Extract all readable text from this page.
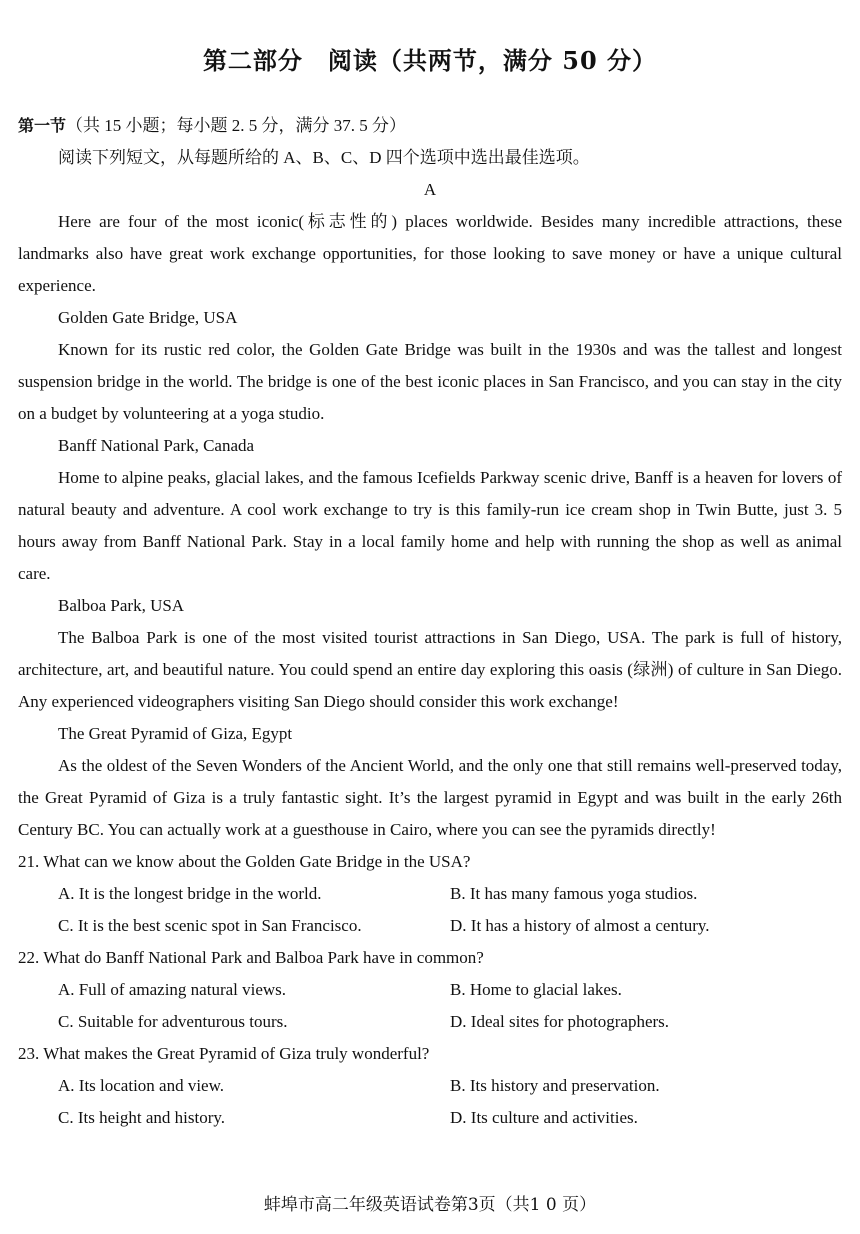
第二部分　阅读（共两节，满分 50 分）

第一节（共 15 小题；每小题 2. 5 分，满分 37. 5 分）

阅读下列短文，从每题所给的 A、B、C、D 四个选项中选出最佳选项。

A

Here are four of the most iconic(标志性的) places worldwide. Besides many incredible attractions, these landmarks also have great work exchange opportunities, for those looking to save money or have a unique cultural experience.

Golden Gate Bridge, USA

Known for its rustic red color, the Golden Gate Bridge was built in the 1930s and was the tallest and longest suspension bridge in the world. The bridge is one of the best iconic places in San Francisco, and you can stay in the city on a budget by volunteering at a yoga studio.

Banff National Park, Canada

Home to alpine peaks, glacial lakes, and the famous Icefields Parkway scenic drive, Banff is a heaven for lovers of natural beauty and adventure. A cool work exchange to try is this family-run ice cream shop in Twin Butte, just 3. 5 hours away from Banff National Park. Stay in a local family home and help with running the shop as well as animal care.

Balboa Park, USA

The Balboa Park is one of the most visited tourist attractions in San Diego, USA. The park is full of history, architecture, art, and beautiful nature. You could spend an entire day exploring this oasis (绿洲) of culture in San Diego. Any experienced videographers visiting San Diego should consider this work exchange!

The Great Pyramid of Giza, Egypt

As the oldest of the Seven Wonders of the Ancient World, and the only one that still remains well-preserved today, the Great Pyramid of Giza is a truly fantastic sight. It’s the largest pyramid in Egypt and was built in the early 26th Century BC. You can actually work at a guesthouse in Cairo, where you can see the pyramids directly!

21. What can we know about the Golden Gate Bridge in the USA?

A. It is the longest bridge in the world.	B. It has many famous yoga studios.
C. It is the best scenic spot in San Francisco.	D. It has a history of almost a century.

22. What do Banff National Park and Balboa Park have in common?

A. Full of amazing natural views.	B. Home to glacial lakes.
C. Suitable for adventurous tours.	D. Ideal sites for photographers.

23. What makes the Great Pyramid of Giza truly wonderful?

A. Its location and view.	B. Its history and preservation.
C. Its height and history.	D. Its culture and activities.
蚌埠市高二年级英语试卷第3页（共1 0 页）
